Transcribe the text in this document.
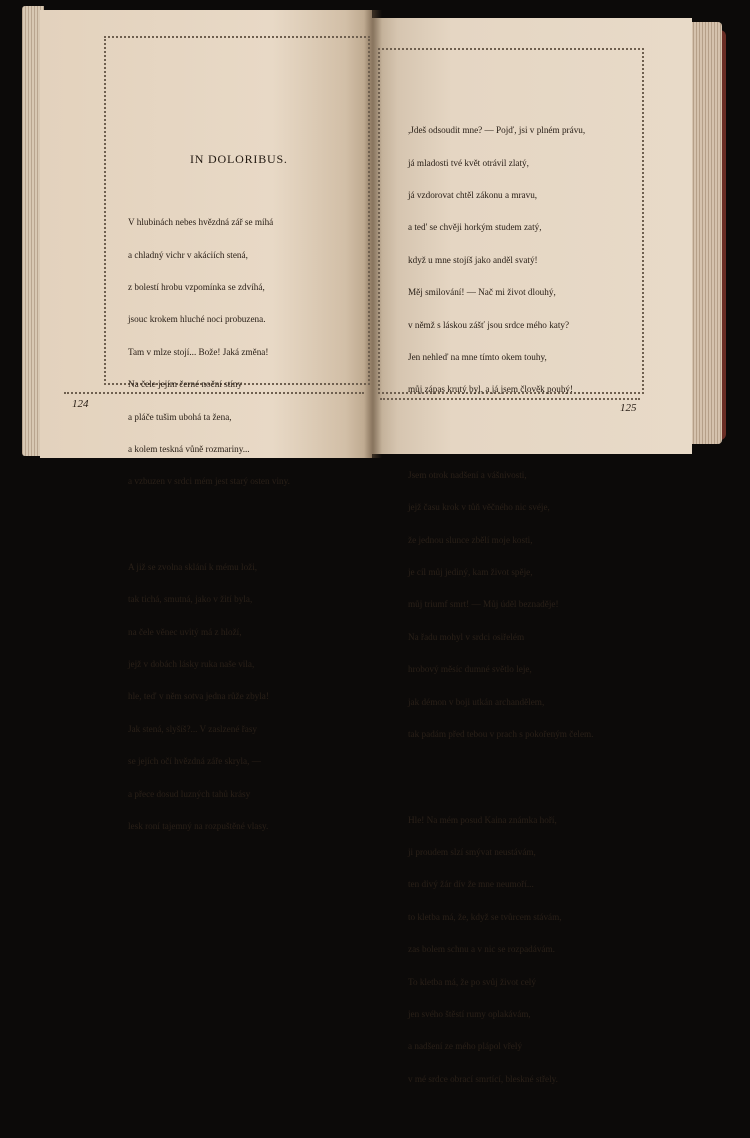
IN DOLORIBUS.

V hlubinách nebes hvězdná zář se míhá

a chladný vichr v akáciích stená,

z bolestí hrobu vzpomínka se zdvíhá,

jsouc krokem hluché noci probuzena.

Tam v mlze stojí... Bože! Jaká změna!

Na čele jejím černé noční stíny

a pláče tušim ubohá ta žena,

a kolem teskná vůně rozmariny...

a vzbuzen v srdci mém jest starý osten viny.

A již se zvolna sklání k mému loži,

tak tichá, smutná, jako v žití byla,

na čele věnec uvitý má z hloží,

jejž v dobách lásky ruka naše vila,

hle, ted' v něm sotva jedna růže zbyla!

Jak stená, slyšíš?... V zaslzené řasy

se jejích očí hvězdná záře skryla, —

a přece dosud luzných tahů krásy

lesk roní tajemný na rozpuštěné vlasy.

,Jdeš odsoudit mne? — Pojď, jsi v plném právu,

já mladosti tvé květ otrávil zlatý,

já vzdorovat chtěl zákonu a mravu,

a ted' se chvěji horkým studem zatý,

když u mne stojíš jako anděl svatý!

Měj smilování! — Nač mi život dlouhý,

v němž s láskou zášť jsou srdce mého katy?

Jen nehleď na mne tímto okem touhy,

můj zápas krutý byl, a já jsem člověk pouhý!

Jsem otrok nadšení a vášnivosti,

jejž času krok v tůň věčného nic svéje,

že jednou slunce zbělí moje kosti,

je cíl můj jediný, kam život spěje,

můj triumf smrt! — Můj úděl beznaděje!

Na řadu mohyl v srdci osiřelém

hrobový měsíc dumné světlo leje,

jak démon v boji utkán archandělem,

tak padám před tebou v prach s pokořeným čelem.

Hle! Na mém posud Kaina známka hoří,

ji proudem slzí smývat neustávám,

ten divý žár dív že mne neumoří...

to kletba má, že, když se tvůrcem stávám,

zas bolem schnu a v nic se rozpadávám.

To kletba má, že po svůj život celý

jen svého štěstí rumy oplakávám,

a nadšení ze mého plápol vřelý

v mé srdce obrací smrtící, bleskné střely.

124	125
